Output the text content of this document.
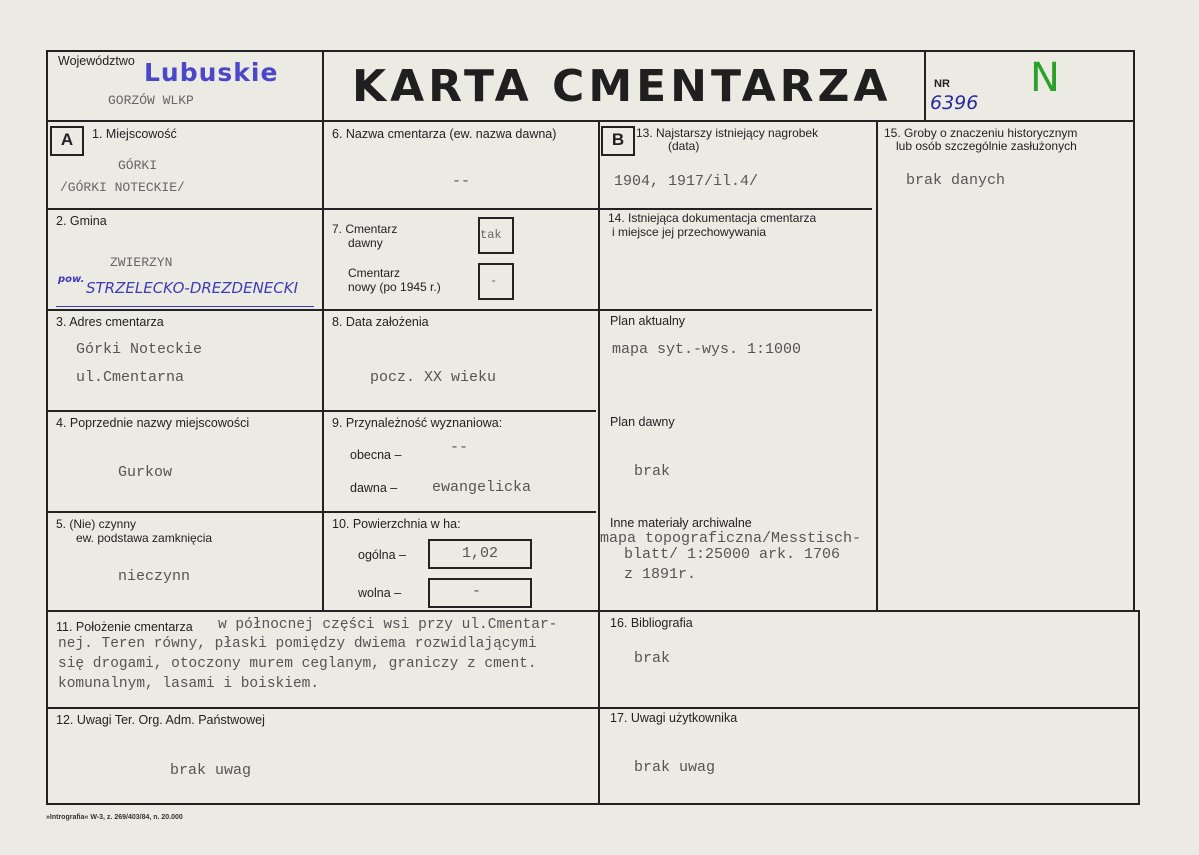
Województwo Lubuskie
GORZÓW WLKP	KARTA CMENTARZA	NR
6396
N
A	1. Miejscowość
GÓRKI
/GÓRKI NOTECKIE/
6. Nazwa cmentarza (ew. nazwa dawna)
--
B 13. Najstarszy istniejący nagrobek
(data)
1904, 1917/il.4/
15. Groby o znaczeniu historycznym
lub osób szczególnie zasłużonych
brak danych
2. Gmina
ZWIERZYN
pow. STRZELECKO-DREZDENECKI
7. Cmentarz
dawny
tak
Cmentarz
nowy (po 1945 r.)	-
14. Istniejąca dokumentacja cmentarza
i miejsce jej przechowywania
Plan aktualny
mapa syt.-wys. 1:1000
Plan dawny
brak
Inne materiały archiwalne
mapa topograficzna/Messtisch-
blatt/ 1:25000 ark. 1706
z 1891r.
3. Adres cmentarza
Górki Noteckie
ul.Cmentarna
8. Data założenia
pocz. XX wieku
4. Poprzednie nazwy miejscowości
Gurkow
9. Przynależność wyznaniowa:
obecna –	--
dawna – ewangelicka
5. (Nie) czynny
ew. podstawa zamknięcia
nieczynn
10. Powierzchnia w ha:
ogólna –	1,02
wolna –	-
11. Położenie cmentarza w północnej części wsi przy ul.Cmentar-
nej. Teren równy, płaski pomiędzy dwiema rozwidlającymi
się drogami, otoczony murem ceglanym, graniczy z cment.
komunalnym, lasami i boiskiem.
16. Bibliografia
brak
12. Uwagi Ter. Org. Adm. Państwowej
brak uwag
17. Uwagi użytkownika
brak uwag
»Intrografia« W-3, z. 269/403/84, n. 20.000
